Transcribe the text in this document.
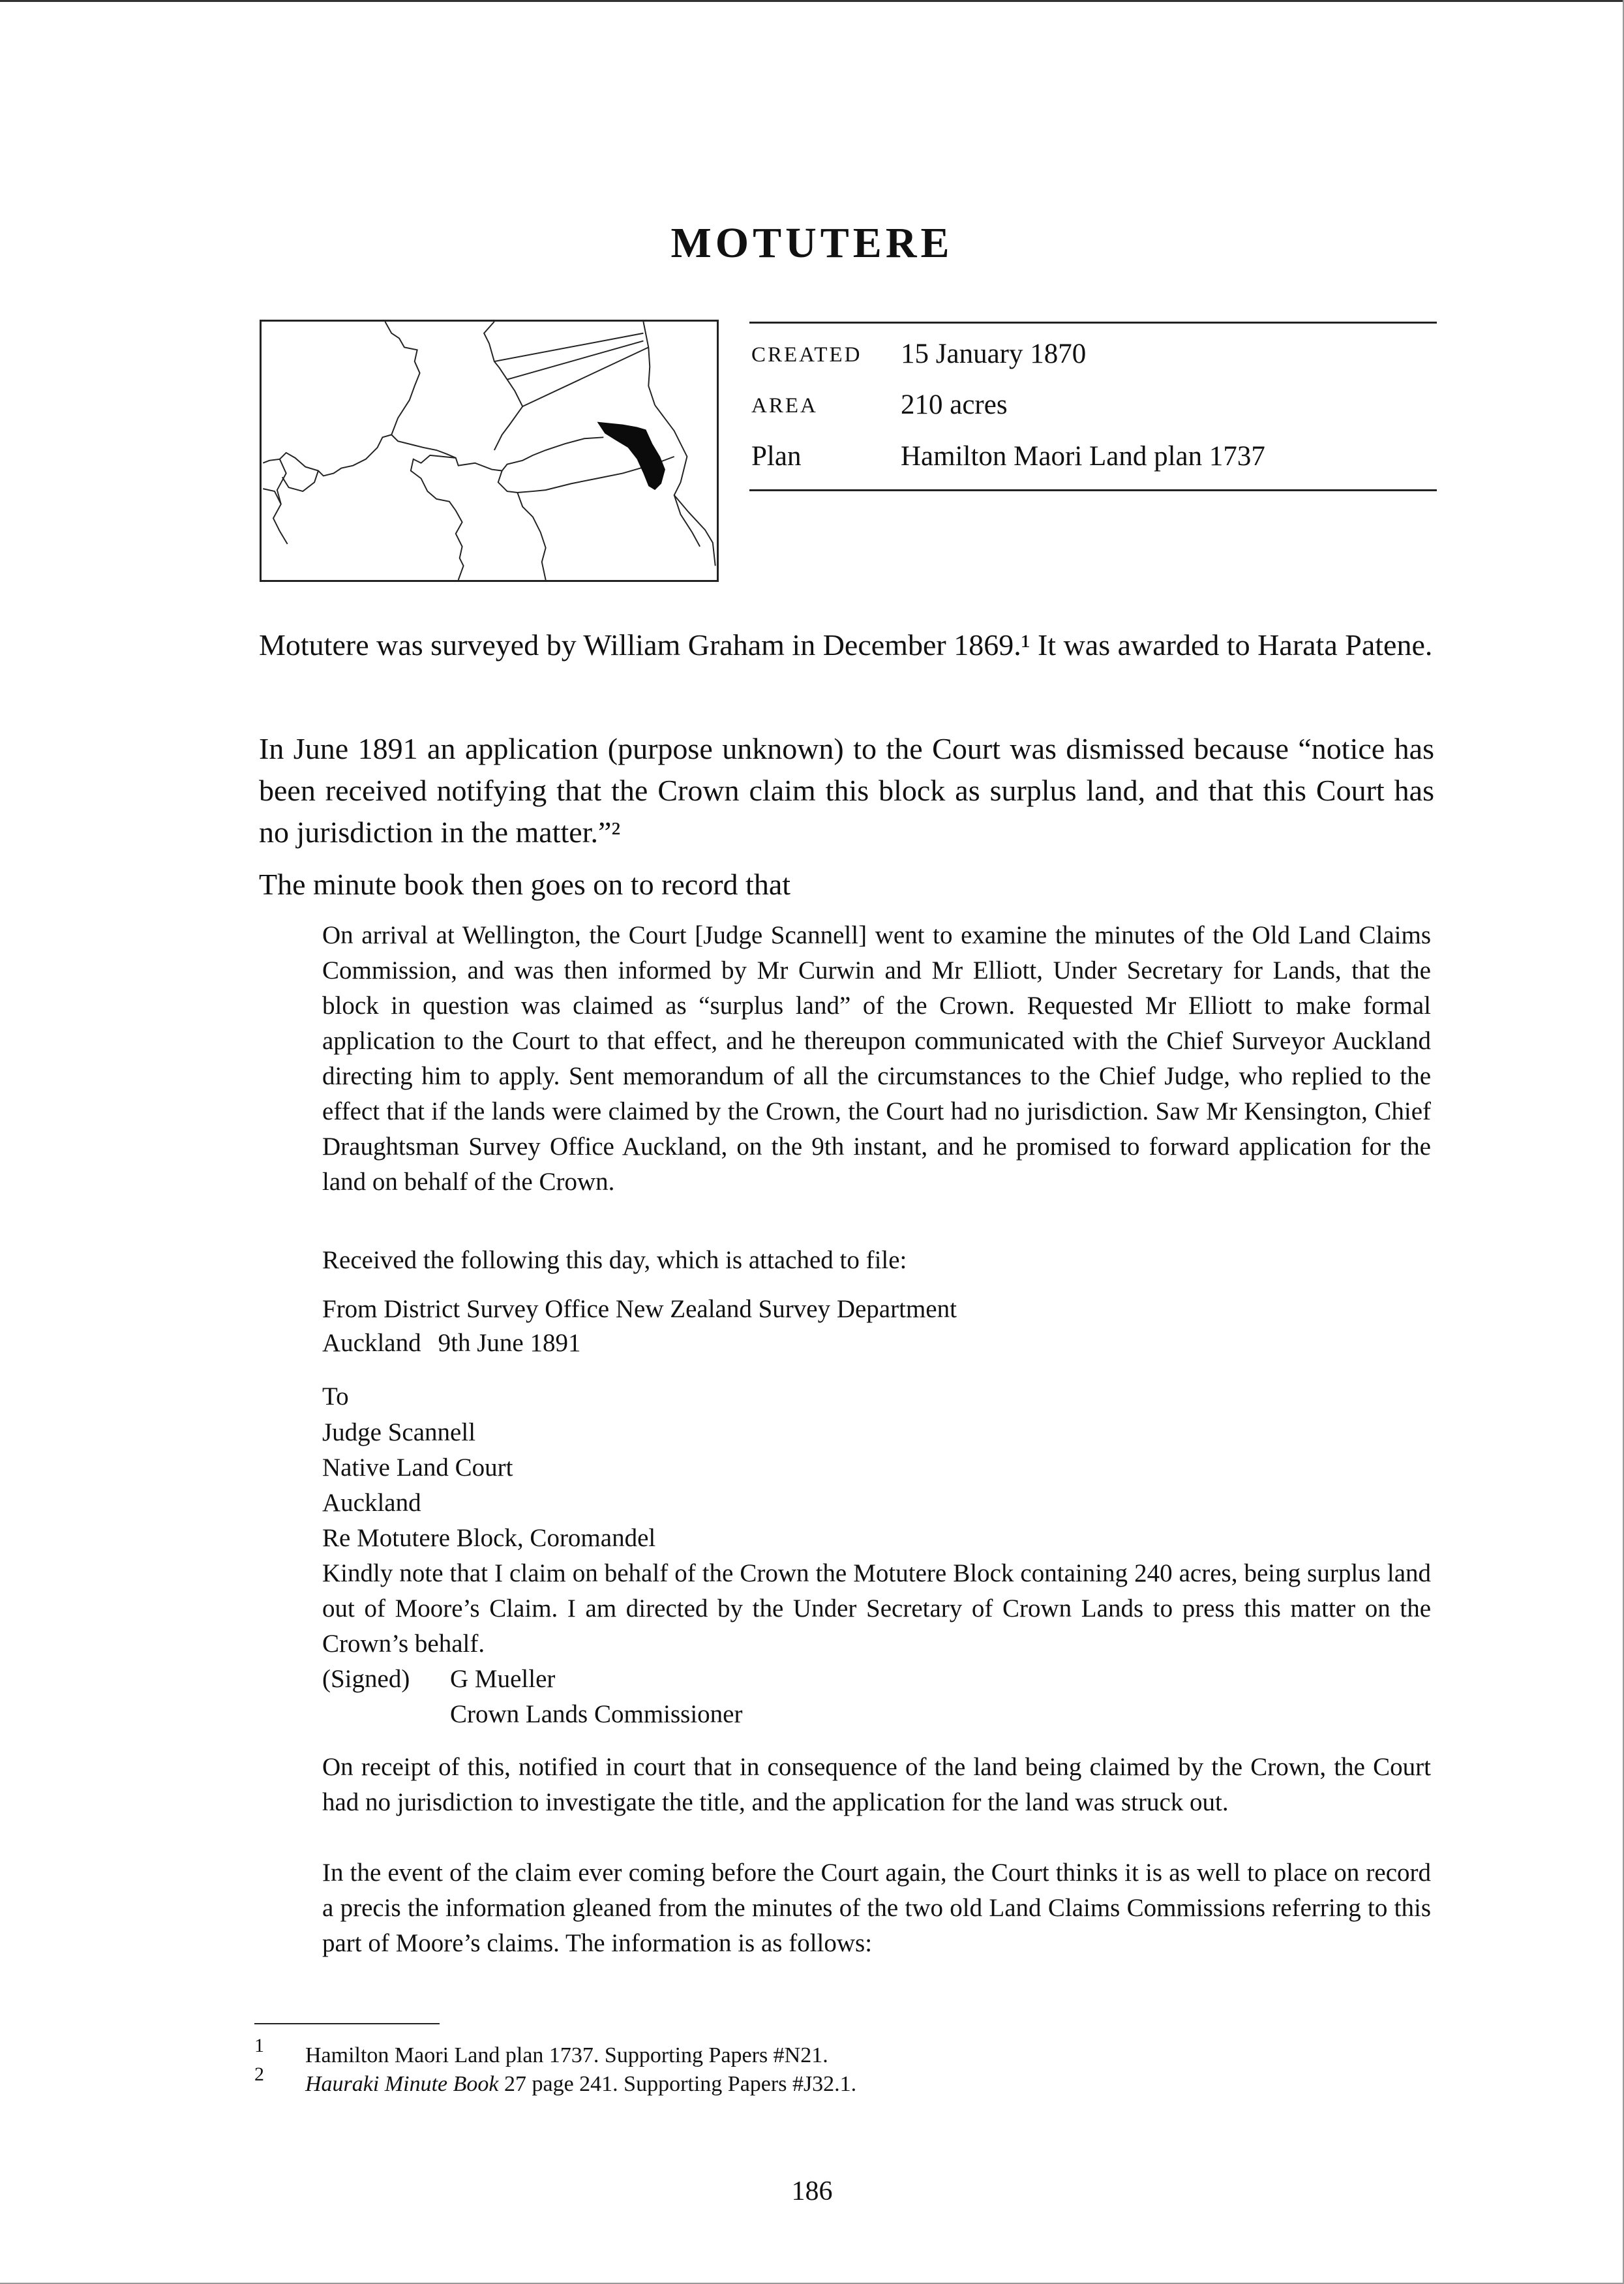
MOTUTERE
CREATED 15 January 1870
AREA	210 acres
Plan	Hamilton Maori Land plan 1737

Motutere was surveyed by William Graham in December 1869.¹ It was awarded to Harata Patene.

In June 1891 an application (purpose unknown) to the Court was dismissed because “notice has been received notifying that the Crown claim this block as surplus land, and that this Court has no jurisdiction in the matter.”²

The minute book then goes on to record that

On arrival at Wellington, the Court [Judge Scannell] went to examine the minutes of the Old Land Claims Commission, and was then informed by Mr Curwin and Mr Elliott, Under Secretary for Lands, that the block in question was claimed as “surplus land” of the Crown. Requested Mr Elliott to make formal application to the Court to that effect, and he thereupon communicated with the Chief Surveyor Auckland directing him to apply. Sent memorandum of all the circumstances to the Chief Judge, who replied to the effect that if the lands were claimed by the Crown, the Court had no jurisdiction. Saw Mr Kensington, Chief Draughtsman Survey Office Auckland, on the 9th instant, and he promised to forward application for the land on behalf of the Crown.

Received the following this day, which is attached to file:

From District Survey Office New Zealand Survey Department
Auckland 9th June 1891
To
Judge Scannell
Native Land Court
Auckland
Re Motutere Block, Coromandel

Kindly note that I claim on behalf of the Crown the Motutere Block containing 240 acres, being surplus land out of Moore’s Claim. I am directed by the Under Secretary of Crown Lands to press this matter on the Crown’s behalf.

(Signed) G Mueller
Crown Lands Commissioner

On receipt of this, notified in court that in consequence of the land being claimed by the Crown, the Court had no jurisdiction to investigate the title, and the application for the land was struck out.

In the event of the claim ever coming before the Court again, the Court thinks it is as well to place on record a precis the information gleaned from the minutes of the two old Land Claims Commissions referring to this part of Moore’s claims. The information is as follows:

1 Hamilton Maori Land plan 1737. Supporting Papers #N21.
2 Hauraki Minute Book 27 page 241. Supporting Papers #J32.1.
186
